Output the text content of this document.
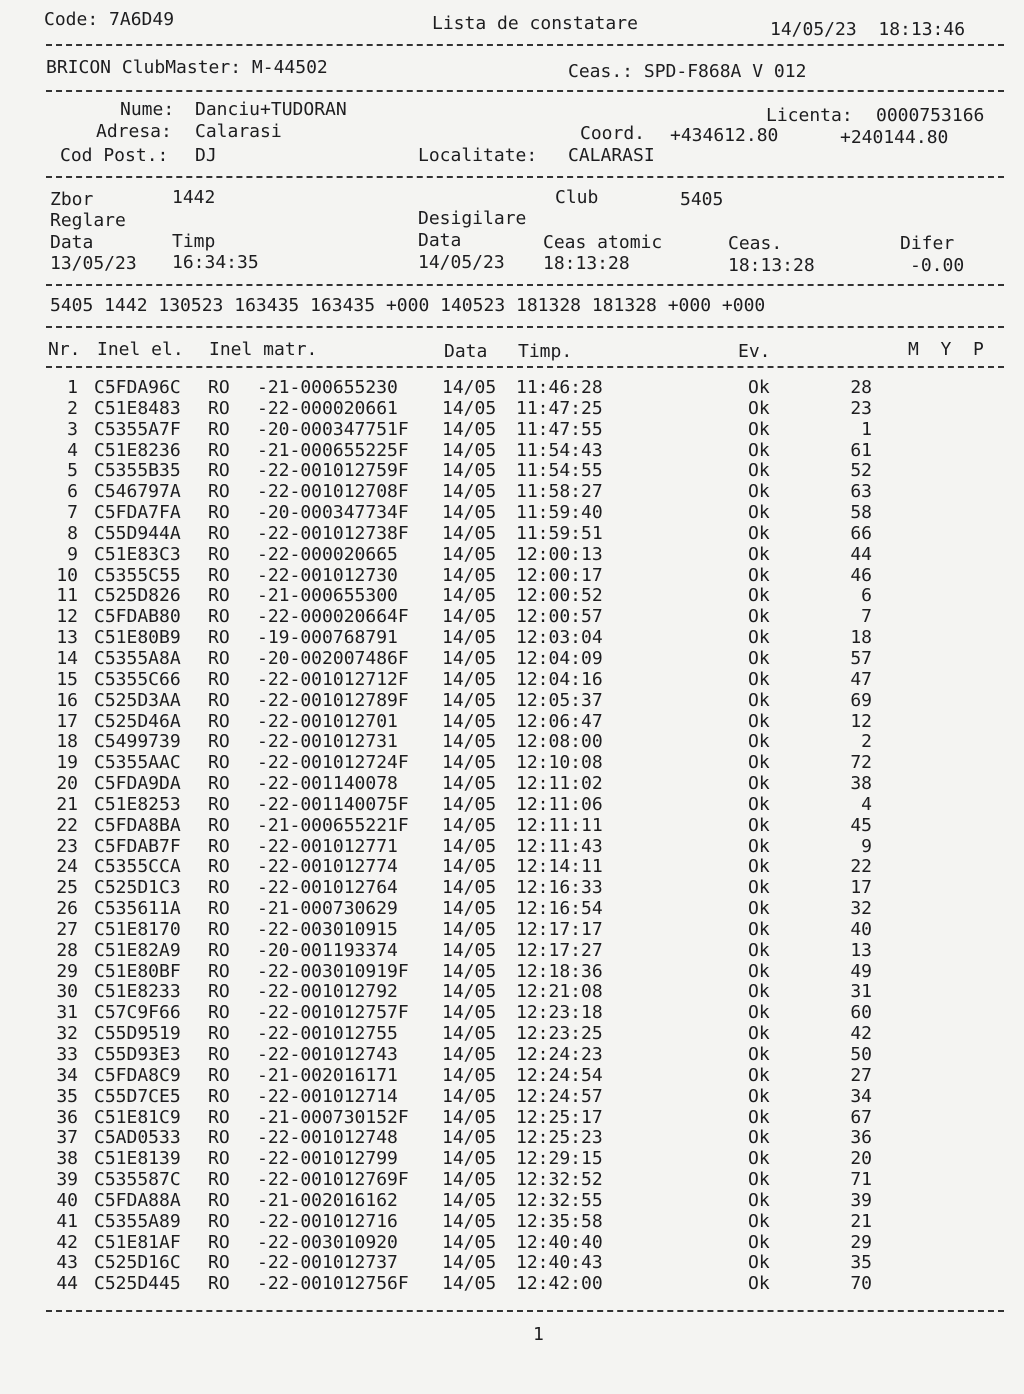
Code: 7A6D49	Lista de constatare	14/05/23  18:13:46
BRICON ClubMaster: M-44502	Ceas.: SPD-F868A V 012
Nume: Danciu+TUDORAN	Licenta: 0000753166
Adresa: Calarasi	Coord. +434612.80	+240144.80
Cod Post.: DJ	Localitate: CALARASI
Zbor	1442	Club	5405
Reglare	Desigilare
Data	Timp	Data	Ceas atomic	Ceas.	Difer
13/05/23 16:34:35	14/05/23 18:13:28	18:13:28	-0.00
5405 1442 130523 163435 163435 +000 140523 181328 181328 +000 +000
Nr. Inel el. Inel matr.	Data Timp.	Ev.	M  Y  P
1 C5FDA96C RO -21-000655230 14/05 11:46:28	Ok	28
2 C51E8483 RO -22-000020661 14/05 11:47:25	Ok	23
3 C5355A7F RO -20-000347751F 14/05 11:47:55	Ok	1
4 C51E8236 RO -21-000655225F 14/05 11:54:43	Ok	61
5 C5355B35 RO -22-001012759F 14/05 11:54:55	Ok	52
6 C546797A RO -22-001012708F 14/05 11:58:27	Ok	63
7 C5FDA7FA RO -20-000347734F 14/05 11:59:40	Ok	58
8 C55D944A RO -22-001012738F 14/05 11:59:51	Ok	66
9 C51E83C3 RO -22-000020665 14/05 12:00:13	Ok	44
10 C5355C55 RO -22-001012730 14/05 12:00:17	Ok	46
11 C525D826 RO -21-000655300 14/05 12:00:52	Ok	6
12 C5FDAB80 RO -22-000020664F 14/05 12:00:57	Ok	7
13 C51E80B9 RO -19-000768791 14/05 12:03:04	Ok	18
14 C5355A8A RO -20-002007486F 14/05 12:04:09	Ok	57
15 C5355C66 RO -22-001012712F 14/05 12:04:16	Ok	47
16 C525D3AA RO -22-001012789F 14/05 12:05:37	Ok	69
17 C525D46A RO -22-001012701 14/05 12:06:47	Ok	12
18 C5499739 RO -22-001012731 14/05 12:08:00	Ok	2
19 C5355AAC RO -22-001012724F 14/05 12:10:08	Ok	72
20 C5FDA9DA RO -22-001140078 14/05 12:11:02	Ok	38
21 C51E8253 RO -22-001140075F 14/05 12:11:06	Ok	4
22 C5FDA8BA RO -21-000655221F 14/05 12:11:11	Ok	45
23 C5FDAB7F RO -22-001012771 14/05 12:11:43	Ok	9
24 C5355CCA RO -22-001012774 14/05 12:14:11	Ok	22
25 C525D1C3 RO -22-001012764 14/05 12:16:33	Ok	17
26 C535611A RO -21-000730629 14/05 12:16:54	Ok	32
27 C51E8170 RO -22-003010915 14/05 12:17:17	Ok	40
28 C51E82A9 RO -20-001193374 14/05 12:17:27	Ok	13
29 C51E80BF RO -22-003010919F 14/05 12:18:36	Ok	49
30 C51E8233 RO -22-001012792 14/05 12:21:08	Ok	31
31 C57C9F66 RO -22-001012757F 14/05 12:23:18	Ok	60
32 C55D9519 RO -22-001012755 14/05 12:23:25	Ok	42
33 C55D93E3 RO -22-001012743 14/05 12:24:23	Ok	50
34 C5FDA8C9 RO -21-002016171 14/05 12:24:54	Ok	27
35 C55D7CE5 RO -22-001012714 14/05 12:24:57	Ok	34
36 C51E81C9 RO -21-000730152F 14/05 12:25:17	Ok	67
37 C5AD0533 RO -22-001012748 14/05 12:25:23	Ok	36
38 C51E8139 RO -22-001012799 14/05 12:29:15	Ok	20
39 C535587C RO -22-001012769F 14/05 12:32:52	Ok	71
40 C5FDA88A RO -21-002016162 14/05 12:32:55	Ok	39
41 C5355A89 RO -22-001012716 14/05 12:35:58	Ok	21
42 C51E81AF RO -22-003010920 14/05 12:40:40	Ok	29
43 C525D16C RO -22-001012737 14/05 12:40:43	Ok	35
44 C525D445 RO -22-001012756F 14/05 12:42:00	Ok	70
1
